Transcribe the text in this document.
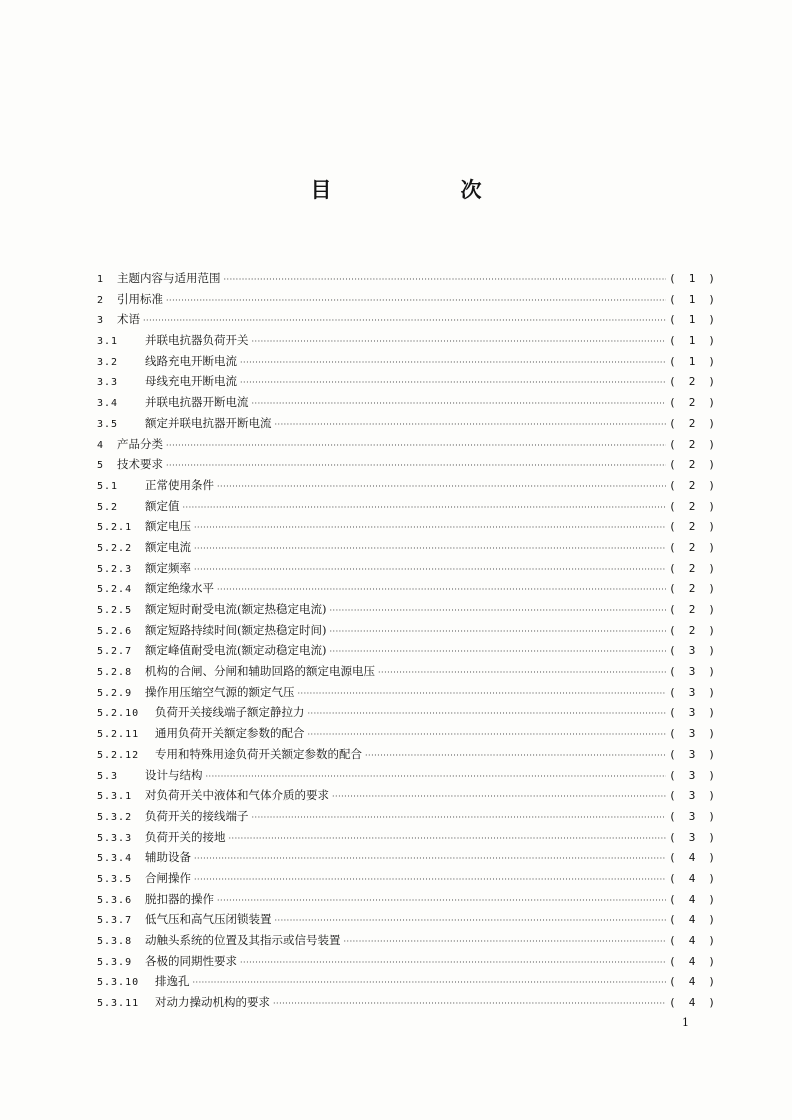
目　次
1	主题内容与适用范围 ·····	( 1 )
2	引用标准 ·····	( 1 )
3	术语 ·····	( 1 )
3.1	并联电抗器负荷开关 ·····	( 1 )
3.2	线路充电开断电流 ·····	( 1 )
3.3	母线充电开断电流 ·····	( 2 )
3.4	并联电抗器开断电流 ·····	( 2 )
3.5	额定并联电抗器开断电流 ·····	( 2 )
4	产品分类 ·····	( 2 )
5	技术要求 ·····	( 2 )
5.1	正常使用条件 ·····	( 2 )
5.2	额定值 ·····	( 2 )
5.2.1	额定电压 ·····	( 2 )
5.2.2	额定电流 ·····	( 2 )
5.2.3	额定频率 ·····	( 2 )
5.2.4	额定绝缘水平 ·····	( 2 )
5.2.5	额定短时耐受电流(额定热稳定电流) ·····	( 2 )
5.2.6	额定短路持续时间(额定热稳定时间) ·····	( 2 )
5.2.7	额定峰值耐受电流(额定动稳定电流) ·····	( 3 )
5.2.8	机构的合闸、分闸和辅助回路的额定电源电压 ·····	( 3 )
5.2.9	操作用压缩空气源的额定气压 ·····	( 3 )
5.2.10	负荷开关接线端子额定静拉力 ·····	( 3 )
5.2.11	通用负荷开关额定参数的配合 ·····	( 3 )
5.2.12	专用和特殊用途负荷开关额定参数的配合 ·····	( 3 )
5.3	设计与结构 ·····	( 3 )
5.3.1	对负荷开关中液体和气体介质的要求 ·····	( 3 )
5.3.2	负荷开关的接线端子 ·····	( 3 )
5.3.3	负荷开关的接地 ·····	( 3 )
5.3.4	辅助设备 ·····	( 4 )
5.3.5	合闸操作 ·····	( 4 )
5.3.6	脱扣器的操作 ·····	( 4 )
5.3.7	低气压和高气压闭锁装置 ·····	( 4 )
5.3.8	动触头系统的位置及其指示或信号装置 ·····	( 4 )
5.3.9	各极的同期性要求 ·····	( 4 )
5.3.10	排逸孔 ·····	( 4 )
5.3.11	对动力操动机构的要求 ·····	( 4 )
1
